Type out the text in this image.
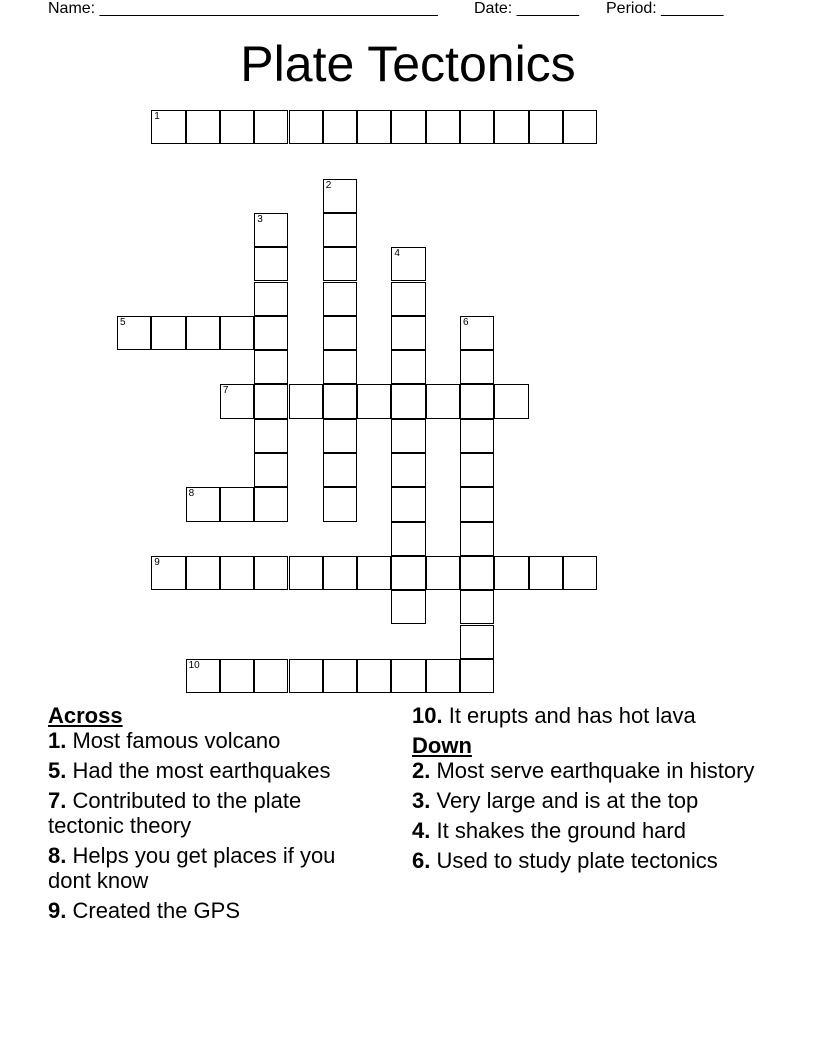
Name: ______________________________________ Date: _______ Period: _______
Plate Tectonics
1
2
3
4
5	6
7
8
9
10

Across

1. Most famous volcano

5. Had the most earthquakes

7. Contributed to the plate tectonic theory

8. Helps you get places if you dont know

9. Created the GPS

10. It erupts and has hot lava

Down

2. Most serve earthquake in history

3. Very large and is at the top

4. It shakes the ground hard

6. Used to study plate tectonics
